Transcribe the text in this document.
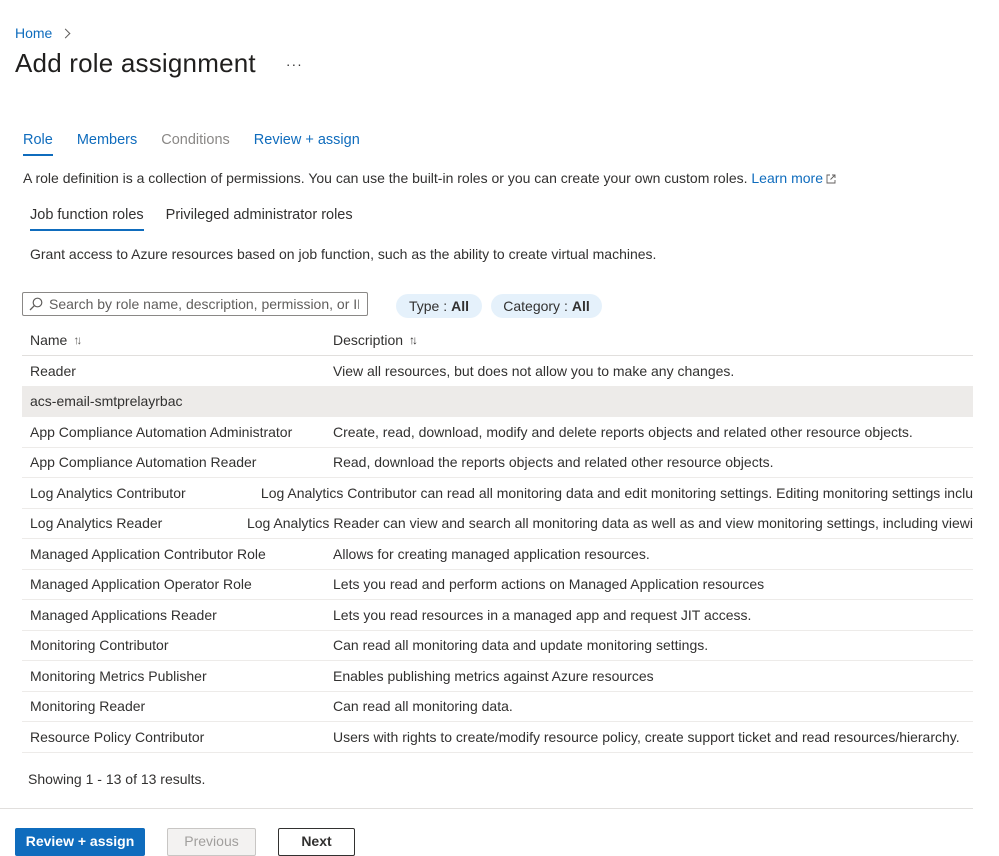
Home
Add role assignment ···
Role Members Conditions Review + assign

A role definition is a collection of permissions. You can use the built-in roles or you can create your own custom roles. Learn more

Job function roles Privileged administrator roles

Grant access to Azure resources based on job function, such as the ability to create virtual machines.

Search by role name, description, permission, or ID
Type : All Category : All
Name ↑↓	Description ↑↓
Reader	View all resources, but does not allow you to make any changes.
acs-email-smtprelayrbac
App Compliance Automation Administrator	Create, read, download, modify and delete reports objects and related other resource objects.
App Compliance Automation Reader	Read, download the reports objects and related other resource objects.
Log Analytics Contributor	Log Analytics Contributor can read all monitoring data and edit monitoring settings. Editing monitoring settings inclu
Log Analytics Reader	Log Analytics Reader can view and search all monitoring data as well as and view monitoring settings, including viewi
Managed Application Contributor Role	Allows for creating managed application resources.
Managed Application Operator Role	Lets you read and perform actions on Managed Application resources
Managed Applications Reader	Lets you read resources in a managed app and request JIT access.
Monitoring Contributor	Can read all monitoring data and update monitoring settings.
Monitoring Metrics Publisher	Enables publishing metrics against Azure resources
Monitoring Reader	Can read all monitoring data.
Resource Policy Contributor	Users with rights to create/modify resource policy, create support ticket and read resources/hierarchy.

Showing 1 - 13 of 13 results.

Review + assign	Previous	Next
